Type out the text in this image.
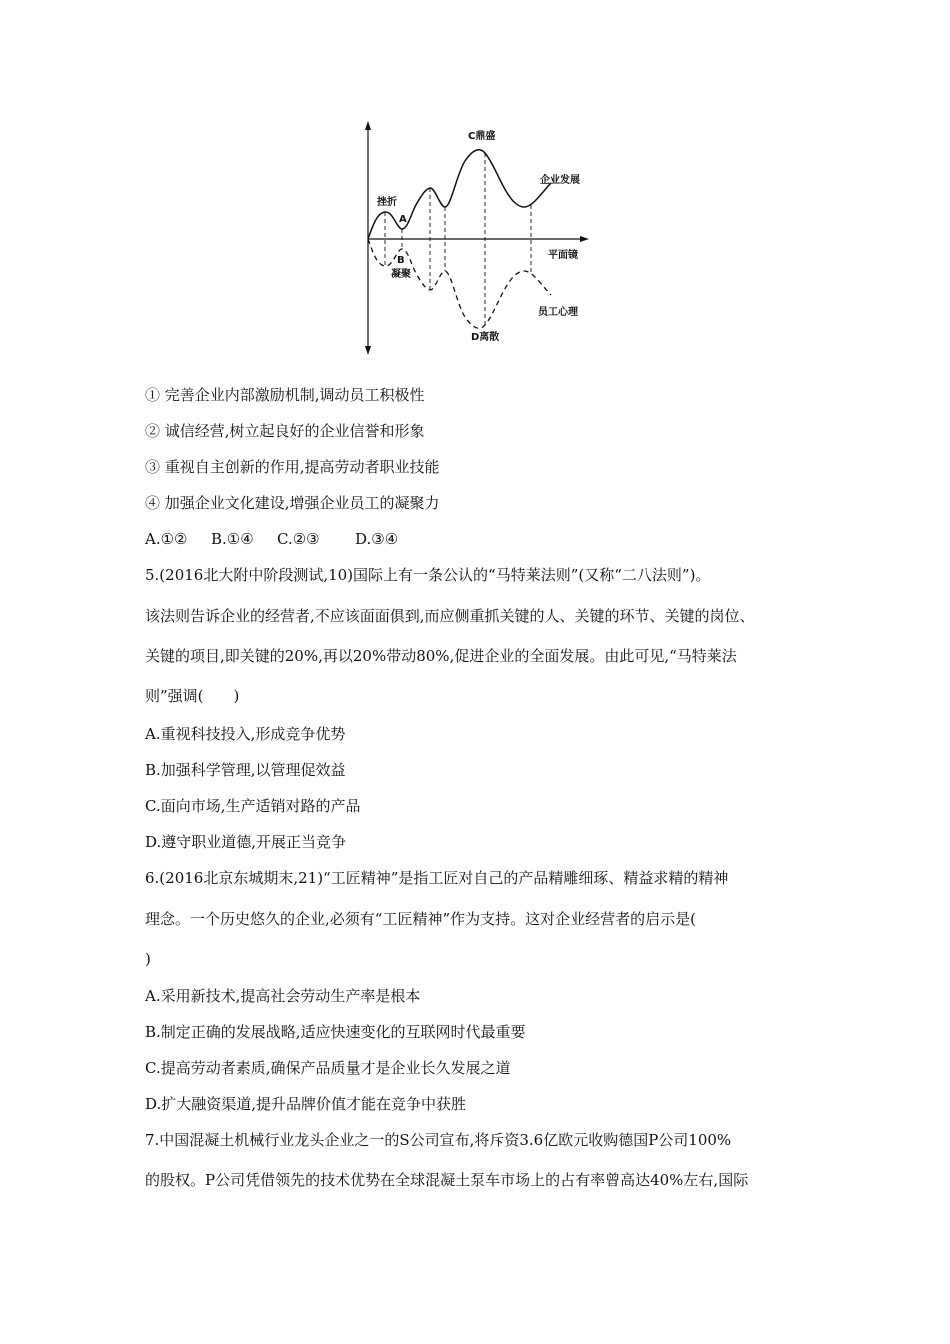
挫折
A
C鼎盛
企业发展
平面镜
B
凝聚
员工心理
D离散
① 完善企业内部激励机制,调动员工积极性
② 诚信经营,树立起良好的企业信誉和形象
③ 重视自主创新的作用,提高劳动者职业技能
④ 加强企业文化建设,增强企业员工的凝聚力
A.①② B.①④ C.②③ D.③④
5.(2016北大附中阶段测试,10)国际上有一条公认的“马特莱法则”(又称“二八法则”)。
该法则告诉企业的经营者,不应该面面俱到,而应侧重抓关键的人、关键的环节、关键的岗位、
关键的项目,即关键的20%,再以20%带动80%,促进企业的全面发展。由此可见,“马特莱法
则”强调(　　)
A.重视科技投入,形成竞争优势
B.加强科学管理,以管理促效益
C.面向市场,生产适销对路的产品
D.遵守职业道德,开展正当竞争
6.(2016北京东城期末,21)“工匠精神”是指工匠对自己的产品精雕细琢、精益求精的精神
理念。一个历史悠久的企业,必须有“工匠精神”作为支持。这对企业经营者的启示是(
)
A.采用新技术,提高社会劳动生产率是根本
B.制定正确的发展战略,适应快速变化的互联网时代最重要
C.提高劳动者素质,确保产品质量才是企业长久发展之道
D.扩大融资渠道,提升品牌价值才能在竞争中获胜
7.中国混凝土机械行业龙头企业之一的S公司宣布,将斥资3.6亿欧元收购德国P公司100%
的股权。P公司凭借领先的技术优势在全球混凝土泵车市场上的占有率曾高达40%左右,国际
